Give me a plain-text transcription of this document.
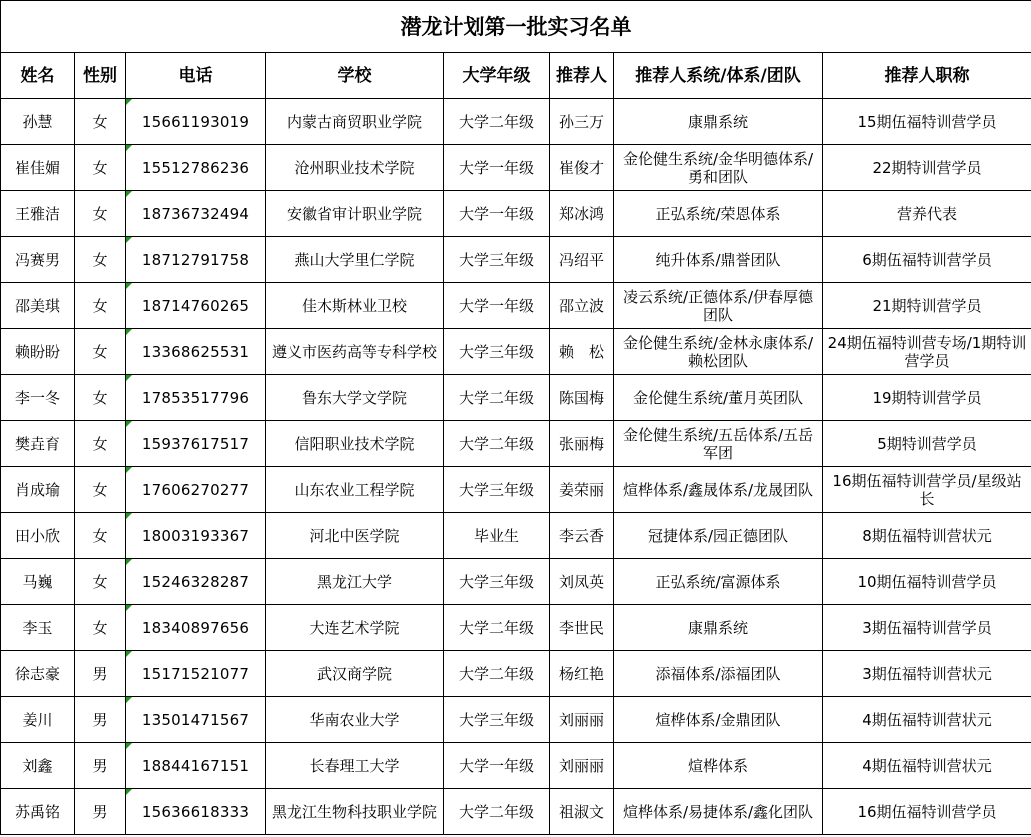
潜龙计划第一批实习名单							
姓名	性别	电话	学校	大学年级	推荐人	推荐人系统/体系/团队	推荐人职称
孙慧	女	15661193019	内蒙古商贸职业学院	大学二年级	孙三万	康鼎系统	15期伍福特训营学员
崔佳媚	女	15512786236	沧州职业技术学院	大学一年级	崔俊才	金伦健生系统/金华明德体系/勇和团队	22期特训营学员
王雅洁	女	18736732494	安徽省审计职业学院	大学一年级	郑冰鸿	正弘系统/荣恩体系	营养代表
冯赛男	女	18712791758	燕山大学里仁学院	大学三年级	冯绍平	纯升体系/鼎誉团队	6期伍福特训营学员
邵美琪	女	18714760265	佳木斯林业卫校	大学一年级	邵立波	凌云系统/正德体系/伊春厚德团队	21期特训营学员
赖盼盼	女	13368625531	遵义市医药高等专科学校	大学三年级	赖　松	金伦健生系统/金林永康体系/赖松团队	24期伍福特训营专场/1期特训营学员
李一冬	女	17853517796	鲁东大学文学院	大学二年级	陈国梅	金伦健生系统/董月英团队	19期特训营学员
樊垚育	女	15937617517	信阳职业技术学院	大学二年级	张丽梅	金伦健生系统/五岳体系/五岳军团	5期特训营学员
肖成瑜	女	17606270277	山东农业工程学院	大学三年级	姜荣丽	煊桦体系/鑫晟体系/龙晟团队	16期伍福特训营学员/星级站长
田小欣	女	18003193367	河北中医学院	毕业生	李云香	冠捷体系/园正德团队	8期伍福特训营状元
马巍	女	15246328287	黑龙江大学	大学三年级	刘凤英	正弘系统/富源体系	10期伍福特训营学员
李玉	女	18340897656	大连艺术学院	大学二年级	李世民	康鼎系统	3期伍福特训营学员
徐志豪	男	15171521077	武汉商学院	大学二年级	杨红艳	添福体系/添福团队	3期伍福特训营状元
姜川	男	13501471567	华南农业大学	大学三年级	刘丽丽	煊桦体系/金鼎团队	4期伍福特训营状元
刘鑫	男	18844167151	长春理工大学	大学一年级	刘丽丽	煊桦体系	4期伍福特训营状元
苏禹铭	男	15636618333	黑龙江生物科技职业学院	大学二年级	祖淑文	煊桦体系/易捷体系/鑫化团队	16期伍福特训营学员
